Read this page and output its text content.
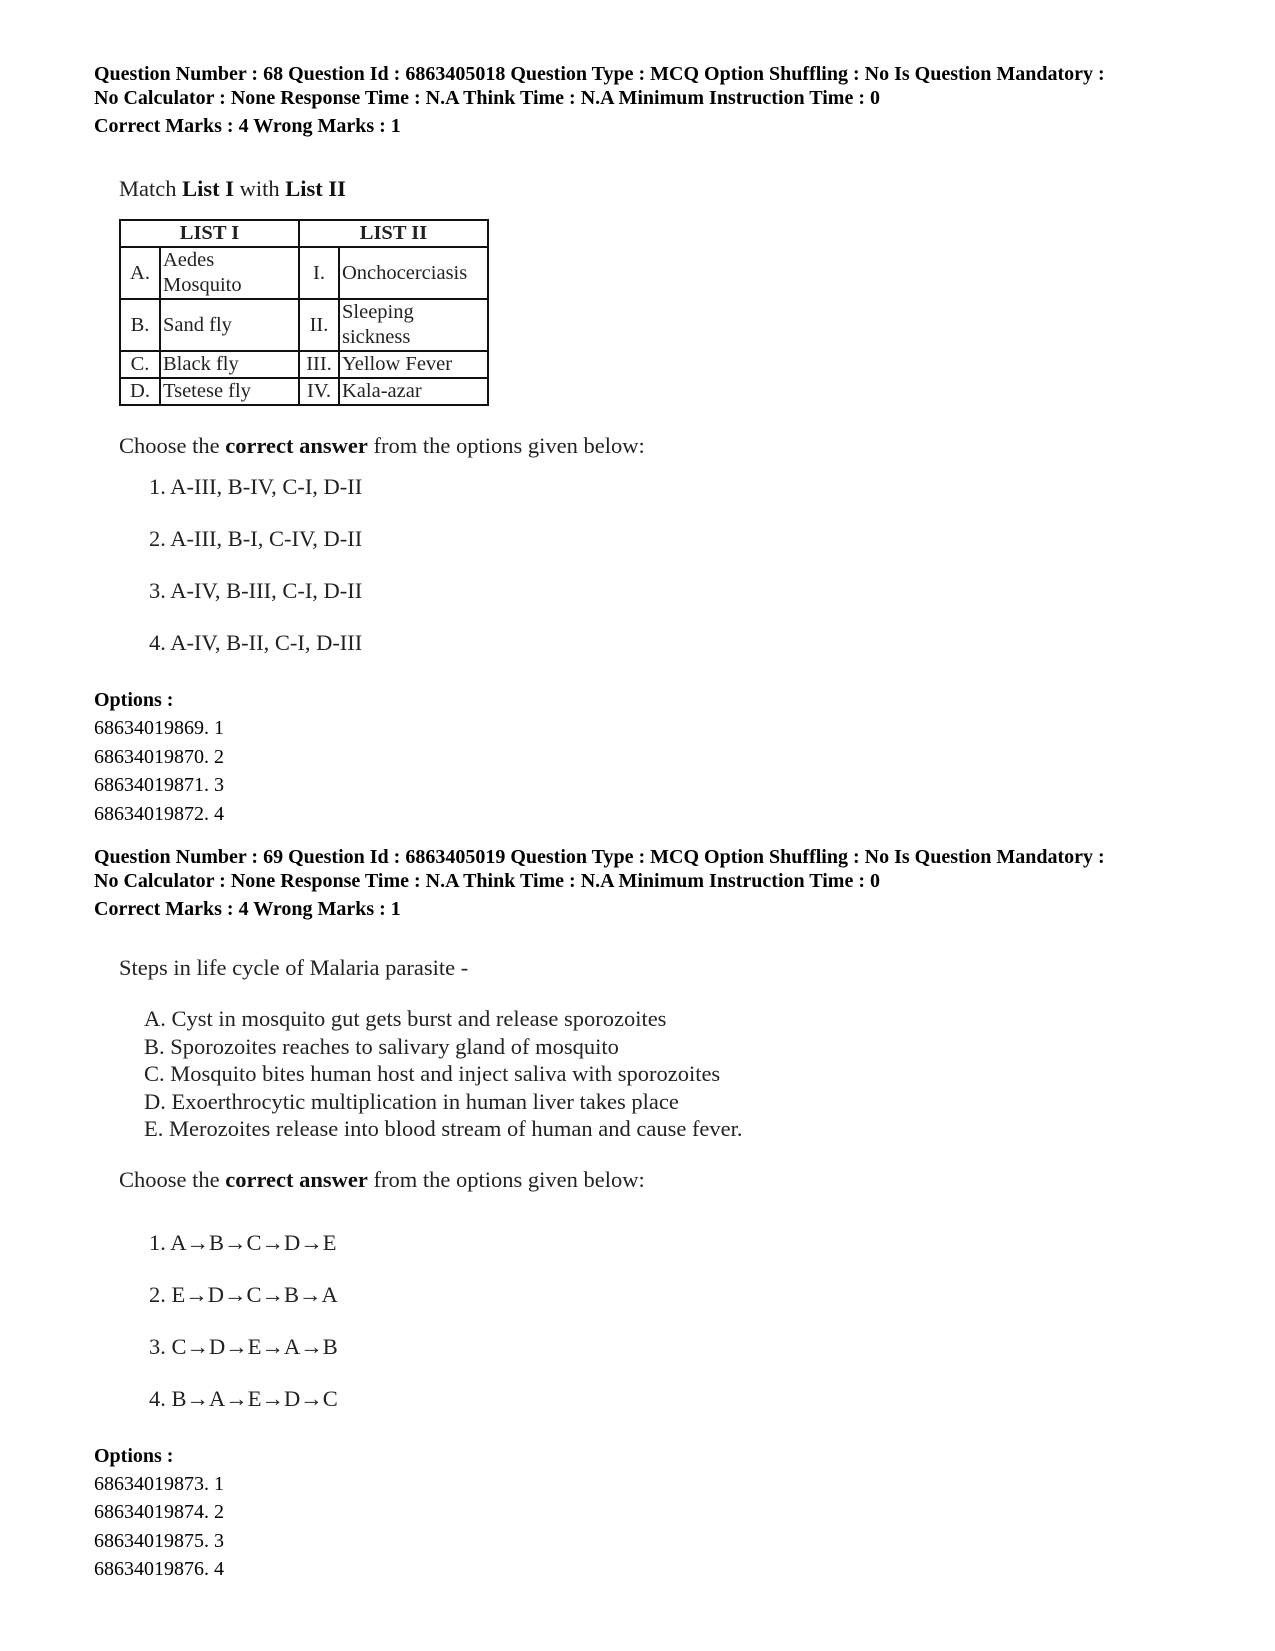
Question Number : 68 Question Id : 6863405018 Question Type : MCQ Option Shuffling : No Is Question Mandatory :
No Calculator : None Response Time : N.A Think Time : N.A Minimum Instruction Time : 0

Correct Marks : 4 Wrong Marks : 1
Match List I with List II
LIST I		LIST II	
A.	Aedes Mosquito	I.	Onchocerciasis
B.	Sand fly	II.	Sleeping sickness
C.	Black fly	III.	Yellow Fever
D.	Tsetese fly	IV.	Kala-azar
Choose the correct answer from the options given below:
1. A-III, B-IV, C-I, D-II
2. A-III, B-I, C-IV, D-II
3. A-IV, B-III, C-I, D-II
4. A-IV, B-II, C-I, D-III
Options :
68634019869. 1
68634019870. 2
68634019871. 3
68634019872. 4

Question Number : 69 Question Id : 6863405019 Question Type : MCQ Option Shuffling : No Is Question Mandatory :
No Calculator : None Response Time : N.A Think Time : N.A Minimum Instruction Time : 0

Correct Marks : 4 Wrong Marks : 1
Steps in life cycle of Malaria parasite -
A. Cyst in mosquito gut gets burst and release sporozoites
B. Sporozoites reaches to salivary gland of mosquito
C. Mosquito bites human host and inject saliva with sporozoites
D. Exoerthrocytic multiplication in human liver takes place
E. Merozoites release into blood stream of human and cause fever.
Choose the correct answer from the options given below:
1. A→B→C→D→E
2. E→D→C→B→A
3. C→D→E→A→B
4. B→A→E→D→C
Options :
68634019873. 1
68634019874. 2
68634019875. 3
68634019876. 4
